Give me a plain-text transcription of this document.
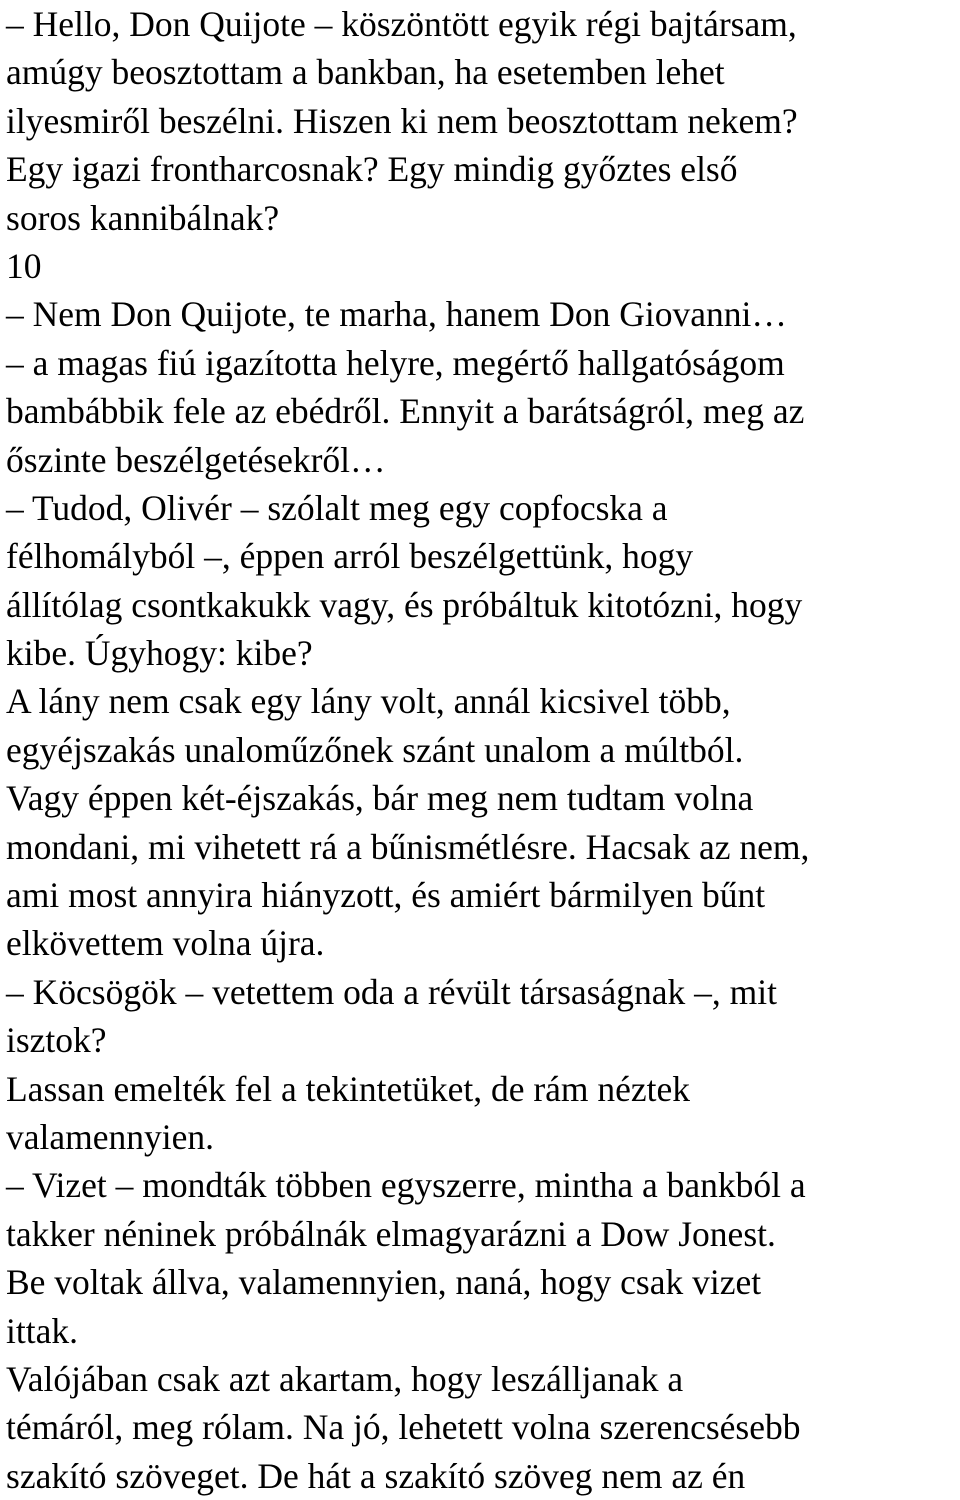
– Hello, Don Quijote – köszöntött egyik régi bajtársam,
amúgy beosztottam a bankban, ha esetemben lehet
ilyesmiről beszélni. Hiszen ki nem beosztottam nekem?
Egy igazi frontharcosnak? Egy mindig győztes első
soros kannibálnak?
10
– Nem Don Quijote, te marha, hanem Don Giovanni…
– a magas fiú igazította helyre, megértő hallgatóságom
bambábbik fele az ebédről. Ennyit a barátságról, meg az
őszinte beszélgetésekről…
– Tudod, Olivér – szólalt meg egy copfocska a
félhomályból –, éppen arról beszélgettünk, hogy
állítólag csontkakukk vagy, és próbáltuk kitotózni, hogy
kibe. Úgyhogy: kibe?
A lány nem csak egy lány volt, annál kicsivel több,
egyéjszakás unaloműzőnek szánt unalom a múltból.
Vagy éppen két-éjszakás, bár meg nem tudtam volna
mondani, mi vihetett rá a bűnismétlésre. Hacsak az nem,
ami most annyira hiányzott, és amiért bármilyen bűnt
elkövettem volna újra.
– Köcsögök – vetettem oda a révült társaságnak –, mit
isztok?
Lassan emelték fel a tekintetüket, de rám néztek
valamennyien.
– Vizet – mondták többen egyszerre, mintha a bankból a
takker néninek próbálnák elmagyarázni a Dow Jonest.
Be voltak állva, valamennyien, naná, hogy csak vizet
ittak.
Valójában csak azt akartam, hogy leszálljanak a
témáról, meg rólam. Na jó, lehetett volna szerencsésebb
szakító szöveget. De hát a szakító szöveg nem az én
